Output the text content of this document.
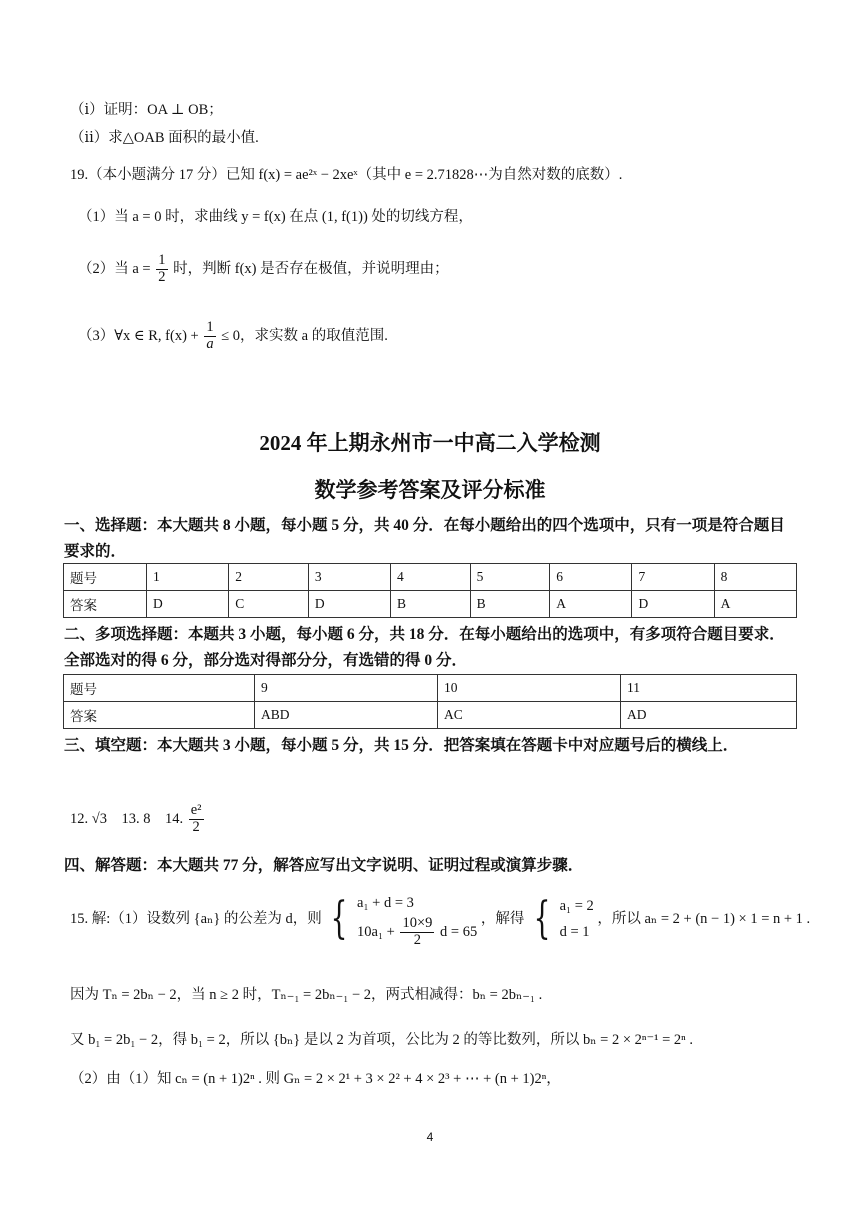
（ⅰ）证明：OA ⊥ OB；
（ⅱ）求△OAB 面积的最小值.
19.（本小题满分 17 分）已知 f(x) = ae²ˣ − 2xeˣ（其中 e = 2.71828⋯为自然对数的底数）.
（1）当 a = 0 时，求曲线 y = f(x) 在点 (1, f(1)) 处的切线方程，
（2）当 $a = \frac{1}{2}$ 时，判断 f(x) 是否存在极值，并说明理由；
（3）∀x ∈ R, $f(x) + \frac{1}{a} \le 0$，求实数 a 的取值范围.
2024 年上期永州市一中高二入学检测
数学参考答案及评分标准
一、选择题：本大题共 8 小题，每小题 5 分，共 40 分．在每小题给出的四个选项中，只有一项是符合题目要求的．
题号	1	2	3	4	5	6	7	8
答案	D	C	D	B	B	A	D	A
二、多项选择题：本题共 3 小题，每小题 6 分，共 18 分．在每小题给出的选项中，有多项符合题目要求．全部选对的得 6 分，部分选对得部分分，有选错的得 0 分．
题号	9	10	11
答案	ABD	AC	AD
三、填空题：本大题共 3 小题，每小题 5 分，共 15 分．把答案填在答题卡中对应题号后的横线上．
12. √3 13. 8 14. $\frac{\text{e²}}{2}$
四、解答题：本大题共 77 分，解答应写出文字说明、证明过程或演算步骤．
15. 解:（1）设数列 {aₙ} 的公差为 d，则 { a₁ + d = 3
$10a_1 + \frac{10\times 9}{2}$ d = 65
，解得 { a₁ = 2
d = 1
，所以 aₙ = 2 + (n − 1) × 1 = n + 1 .
因为 Tₙ = 2bₙ − 2，当 n ≥ 2 时，Tₙ₋₁ = 2bₙ₋₁ − 2，两式相减得：bₙ = 2bₙ₋₁ .
又 b₁ = 2b₁ − 2，得 b₁ = 2，所以 {bₙ} 是以 2 为首项，公比为 2 的等比数列，所以 bₙ = 2 × 2ⁿ⁻¹ = 2ⁿ .
（2）由（1）知 cₙ = (n + 1)2ⁿ . 则 Gₙ = 2 × 2¹ + 3 × 2² + 4 × 2³ + ⋯ + (n + 1)2ⁿ，
4
